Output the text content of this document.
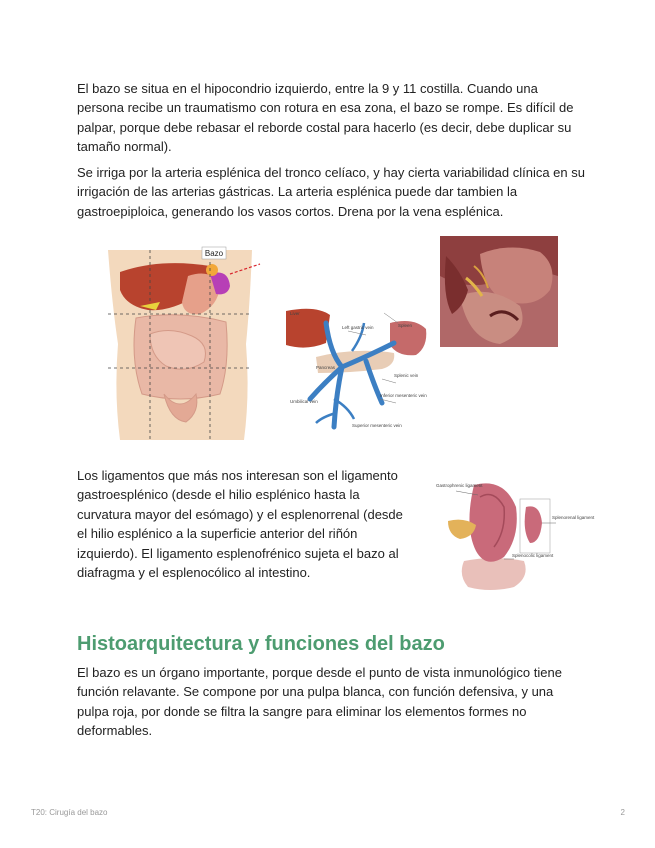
El bazo se situa en el hipocondrio izquierdo, entre la 9 y 11 costilla. Cuando una persona recibe un traumatismo con rotura en esa zona, el bazo se rompe. Es difícil de palpar, porque debe rebasar el reborde costal para hacerlo (es decir, debe duplicar su tamaño normal).

Se irriga por la arteria esplénica del tronco celíaco, y hay cierta variabilidad clínica en su irrigación de las arterias gástricas. La arteria esplénica puede dar tambien la gastroepiploica, generando los vasos cortos. Drena por la vena esplénica.

Bazo
Liver
Left gastric vein	Spleen
Pancreas
Splenic vein
Inferior mesenteric vein
Umbilical vein
Superior mesenteric vein

Los ligamentos que más nos interesan son el ligamento gastroesplénico (desde el hilio esplénico hasta la curvatura mayor del esómago) y el esplenorrenal (desde el hilio esplénico a la superficie anterior del riñón izquierdo). El ligamento esplenofrénico sujeta el bazo al diafragma y el esplenocólico al intestino.

Gastrophrenic ligament
Splenorenal ligament
Splenocolic ligament
Histoarquitectura y funciones del bazo

El bazo es un órgano importante, porque desde el punto de vista inmunológico tiene función relavante. Se compone por una pulpa blanca, con función defensiva, y una pulpa roja, por donde se filtra la sangre para eliminar los elementos formes no deformables.

T20: Cirugía del bazo	2
